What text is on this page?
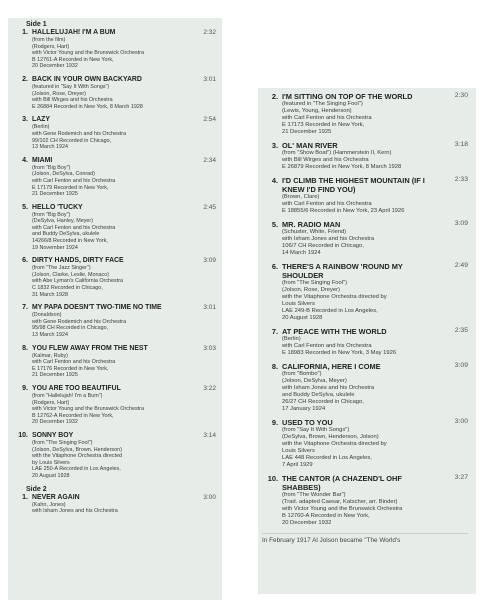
Side 1
1. HALLELUJAH! I'M A BUM	2:32
(from the film)
(Rodgers, Hart)
with Victor Young and the Brunswick Orchestra
B 12761-A Recorded in New York,
20 December 1932
2. BACK IN YOUR OWN BACKYARD	3:01
(featured in "Say It With Songs")
(Jolson, Rose, Dreyer)
with Bill Wirges and his Orchestra
E 26884 Recorded in New York, 8 March 1928
3. LAZY	2:54
(Berlin)
with Gene Rodemich and his Orchestra
99/102 CH Recorded in Chicago,
13 March 1924
4. MIAMI	2:34
(from "Big Boy")
(Jolson, DeSylva, Conrad)
with Carl Fenton and his Orchestra
E 17179 Recorded in New York,
21 December 1925
5. HELLO 'TUCKY	2:45
(from "Big Boy")
(DeSylva, Hanley, Meyer)
with Carl Fenton and his Orchestra
and Buddy DeSylva, ukulele
14266/8 Recorded in New York,
19 November 1924
6. DIRTY HANDS, DIRTY FACE	3:09
(from "The Jazz Singer")
(Jolson, Clarke, Leslie, Monaco)
with Abe Lyman's California Orchestra
C 1832 Recorded in Chicago,
31 March 1928
7. MY PAPA DOESN'T TWO-TIME NO TIME	3:01
(Donaldson)
with Gene Rodemich and his Orchestra
95/98 CH Recorded in Chicago,
13 March 1924
8. YOU FLEW AWAY FROM THE NEST	3:03
(Kalmar, Ruby)
with Carl Fenton and his Orchestra
E 17176 Recorded in New York,
21 December 1925
9. YOU ARE TOO BEAUTIFUL	3:22
(from "Hallelujah! I'm a Bum")
(Rodgers, Hart)
with Victor Young and the Brunswick Orchestra
B 12762-A Recorded in New York,
20 December 1932
10. SONNY BOY	3:14
(from "The Singing Fool")
(Jolson, DeSylva, Brown, Henderson)
with the Vitaphone Orchestra directed
by Louis Silvers
LAE 250-A Recorded in Los Angeles,
20 August 1928
Side 2
1. NEVER AGAIN	3:00
(Kahn, Jones)
with Isham Jones and his Orchestra
2. I'M SITTING ON TOP OF THE WORLD	2:30
(featured in "The Singing Fool")
(Lewis, Young, Henderson)
with Carl Fenton and his Orchestra
E 17173 Recorded in New York,
21 December 1925
3. OL' MAN RIVER	3:18
(from "Show Boat") (Hammerstein II, Kern)
with Bill Wirges and his Orchestra
E 26879 Recorded in New York, 8 March 1928
4. I'D CLIMB THE HIGHEST MOUNTAIN (IF I KNEW I'D FIND YOU)
2:33
(Brown, Clare)
with Carl Fenton and his Orchestra
E 18855/6 Recorded in New York, 23 April 1926
5. MR. RADIO MAN	3:09
(Schuster, White, Friend)
with Isham Jones and his Orchestra
106/7 CH Recorded in Chicago,
14 March 1924
6. THERE'S A RAINBOW 'ROUND MY SHOULDER
2:49
(from "The Singing Fool")
(Jolson, Rose, Dreyer)
with the Vitaphone Orchestra directed by
Louis Silvers
LAE 249-B Recorded in Los Angeles,
20 August 1928
7. AT PEACE WITH THE WORLD	2:35
(Berlin)
with Carl Fenton and his Orchestra
E 18983 Recorded in New York, 3 May 1926
8. CALIFORNIA, HERE I COME	3:09
(from "Bombo")
(Jolson, DeSylva, Meyer)
with Isham Jones and his Orchestra
and Buddy DeSylva, ukulele
26/27 CH Recorded in Chicago,
17 January 1924
9. USED TO YOU	3:00
(from "Say It With Songs")
(DeSylva, Brown, Henderson, Jolson)
with the Vitaphone Orchestra directed by
Louis Silvers
LAE 448 Recorded in Los Angeles,
7 April 1929
10. THE CANTOR (A CHAZEND'L OHF SHABBES)
3:27
(from "The Wonder Bar")
(Trad. adapted Caesar, Katscher, arr. Binder)
with Victor Young and the Brunswick Orchestra
B 12760-A Recorded in New York,
20 December 1932
In February 1917 Al Jolson became "The World's
